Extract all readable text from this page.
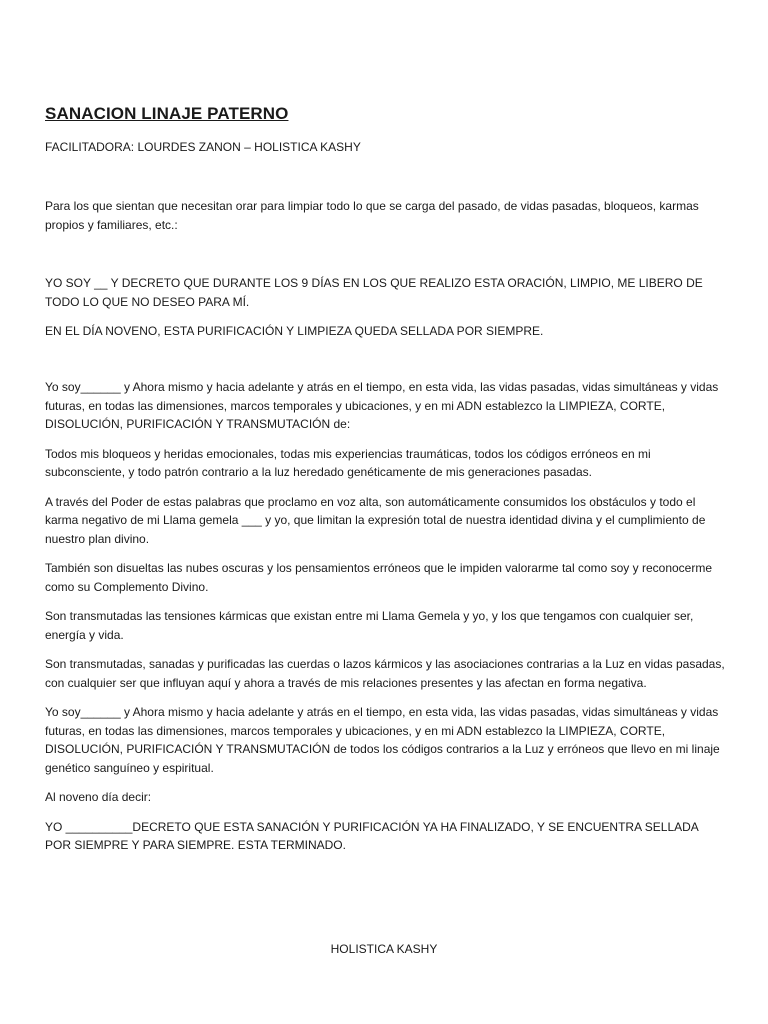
SANACION LINAJE PATERNO

FACILITADORA: LOURDES ZANON – HOLISTICA KASHY

Para los que sientan que necesitan orar para limpiar todo lo que se carga del pasado, de vidas pasadas, bloqueos, karmas propios y familiares, etc.:

YO SOY __ Y DECRETO QUE DURANTE LOS 9 DÍAS EN LOS QUE REALIZO ESTA ORACIÓN, LIMPIO, ME LIBERO DE TODO LO QUE NO DESEO PARA MÍ.

EN EL DÍA NOVENO, ESTA PURIFICACIÓN Y LIMPIEZA QUEDA SELLADA POR SIEMPRE.

Yo soy______ y Ahora mismo y hacia adelante y atrás en el tiempo, en esta vida, las vidas pasadas, vidas simultáneas y vidas futuras, en todas las dimensiones, marcos temporales y ubicaciones, y en mi ADN establezco la LIMPIEZA, CORTE, DISOLUCIÓN, PURIFICACIÓN Y TRANSMUTACIÓN de:

Todos mis bloqueos y heridas emocionales, todas mis experiencias traumáticas, todos los códigos erróneos en mi subconsciente, y todo patrón contrario a la luz heredado genéticamente de mis generaciones pasadas.

A través del Poder de estas palabras que proclamo en voz alta, son automáticamente consumidos los obstáculos y todo el karma negativo de mi Llama gemela ___ y yo, que limitan la expresión total de nuestra identidad divina y el cumplimiento de nuestro plan divino.

También son disueltas las nubes oscuras y los pensamientos erróneos que le impiden valorarme tal como soy y reconocerme como su Complemento Divino.

Son transmutadas las tensiones kármicas que existan entre mi Llama Gemela y yo, y los que tengamos con cualquier ser, energía y vida.

Son transmutadas, sanadas y purificadas las cuerdas o lazos kármicos y las asociaciones contrarias a la Luz en vidas pasadas, con cualquier ser que influyan aquí y ahora a través de mis relaciones presentes y las afectan en forma negativa.

Yo soy______ y Ahora mismo y hacia adelante y atrás en el tiempo, en esta vida, las vidas pasadas, vidas simultáneas y vidas futuras, en todas las dimensiones, marcos temporales y ubicaciones, y en mi ADN establezco la LIMPIEZA, CORTE, DISOLUCIÓN, PURIFICACIÓN Y TRANSMUTACIÓN de todos los códigos contrarios a la Luz y erróneos que llevo en mi linaje genético sanguíneo y espiritual.

Al noveno día decir:

YO __________DECRETO QUE ESTA SANACIÓN Y PURIFICACIÓN YA HA FINALIZADO, Y SE ENCUENTRA SELLADA POR SIEMPRE Y PARA SIEMPRE. ESTA TERMINADO.

HOLISTICA KASHY
